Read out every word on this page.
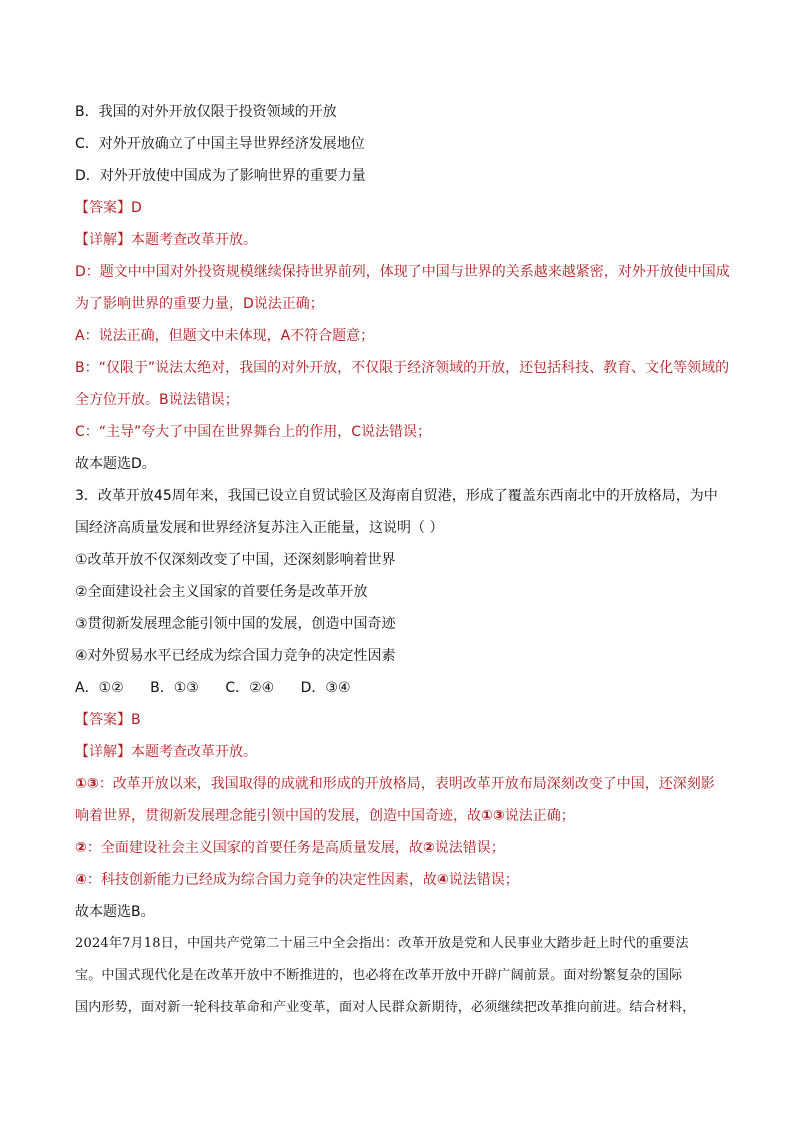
B．我国的对外开放仅限于投资领域的开放
C．对外开放确立了中国主导世界经济发展地位
D．对外开放使中国成为了影响世界的重要力量
【答案】D
【详解】本题考查改革开放。
D：题文中中国对外投资规模继续保持世界前列，体现了中国与世界的关系越来越紧密，对外开放使中国成
为了影响世界的重要力量，D说法正确；
A：说法正确，但题文中未体现，A不符合题意；
B：“仅限于”说法太绝对，我国的对外开放，不仅限于经济领域的开放，还包括科技、教育、文化等领域的
全方位开放。B说法错误；
C：“主导”夸大了中国在世界舞台上的作用，C说法错误；
故本题选D。
3．改革开放45周年来，我国已设立自贸试验区及海南自贸港，形成了覆盖东西南北中的开放格局，为中
国经济高质量发展和世界经济复苏注入正能量，这说明（ ）
①改革开放不仅深刻改变了中国，还深刻影响着世界
②全面建设社会主义国家的首要任务是改革开放
③贯彻新发展理念能引领中国的发展，创造中国奇迹
④对外贸易水平已经成为综合国力竞争的决定性因素
A．①② B．①③ C．②④ D．③④
【答案】B
【详解】本题考查改革开放。
①③：改革开放以来，我国取得的成就和形成的开放格局，表明改革开放布局深刻改变了中国，还深刻影
响着世界，贯彻新发展理念能引领中国的发展，创造中国奇迹，故①③说法正确；
②：全面建设社会主义国家的首要任务是高质量发展，故②说法错误；
④：科技创新能力已经成为综合国力竞争的决定性因素，故④说法错误；
故本题选B。
2024年7月18日，中国共产党第二十届三中全会指出：改革开放是党和人民事业大踏步赶上时代的重要法
宝。中国式现代化是在改革开放中不断推进的，也必将在改革开放中开辟广阔前景。面对纷繁复杂的国际
国内形势，面对新一轮科技革命和产业变革，面对人民群众新期待，必须继续把改革推向前进。结合材料，
